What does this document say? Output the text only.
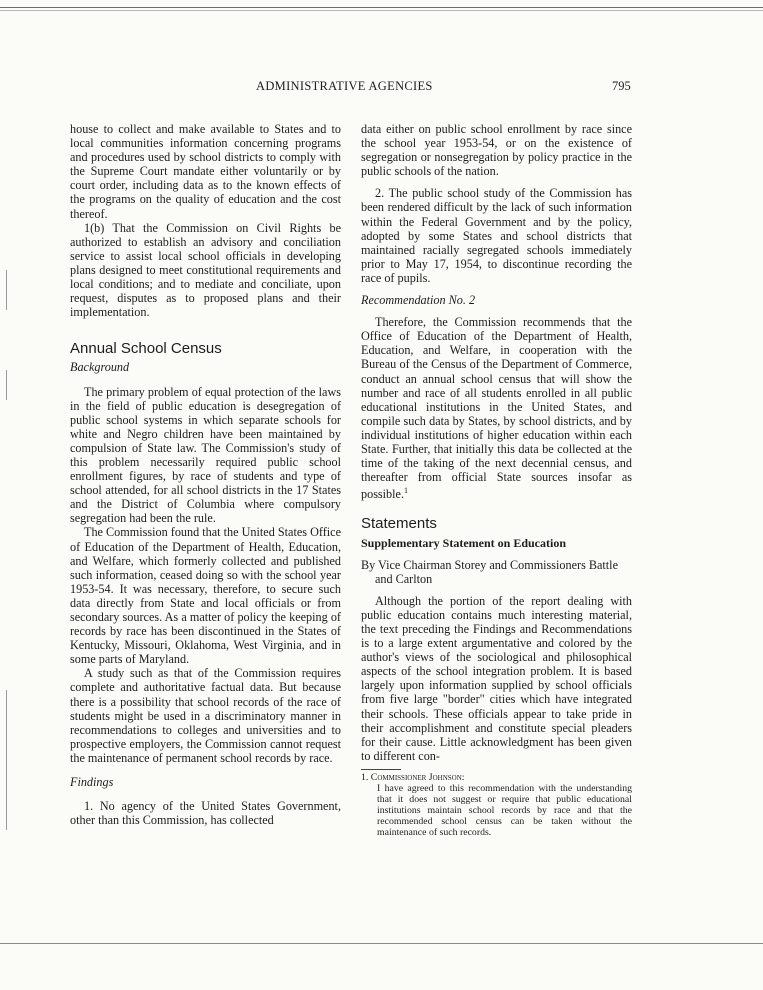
ADMINISTRATIVE AGENCIES	795

house to collect and make available to States and to local communities information concerning programs and procedures used by school districts to comply with the Supreme Court mandate either voluntarily or by court order, including data as to the known effects of the programs on the quality of education and the cost thereof.

1(b) That the Commission on Civil Rights be authorized to establish an advisory and conciliation service to assist local school officials in developing plans designed to meet constitutional requirements and local conditions; and to mediate and conciliate, upon request, disputes as to proposed plans and their implementation.

Annual School Census

Background

The primary problem of equal protection of the laws in the field of public education is desegregation of public school systems in which separate schools for white and Negro children have been maintained by compulsion of State law. The Commission's study of this problem necessarily required public school enrollment figures, by race of students and type of school attended, for all school districts in the 17 States and the District of Columbia where compulsory segregation had been the rule.

The Commission found that the United States Office of Education of the Department of Health, Education, and Welfare, which formerly collected and published such information, ceased doing so with the school year 1953-54. It was necessary, therefore, to secure such data directly from State and local officials or from secondary sources. As a matter of policy the keeping of records by race has been discontinued in the States of Kentucky, Missouri, Oklahoma, West Virginia, and in some parts of Maryland.

A study such as that of the Commission requires complete and authoritative factual data. But because there is a possibility that school records of the race of students might be used in a discriminatory manner in recommendations to colleges and universities and to prospective employers, the Commission cannot request the maintenance of permanent school records by race.

Findings

1. No agency of the United States Government, other than this Commission, has collected

data either on public school enrollment by race since the school year 1953-54, or on the existence of segregation or nonsegregation by policy practice in the public schools of the nation.

2. The public school study of the Commission has been rendered difficult by the lack of such information within the Federal Government and by the policy, adopted by some States and school districts that maintained racially segregated schools immediately prior to May 17, 1954, to discontinue recording the race of pupils.

Recommendation No. 2

Therefore, the Commission recommends that the Office of Education of the Department of Health, Education, and Welfare, in cooperation with the Bureau of the Census of the Department of Commerce, conduct an annual school census that will show the number and race of all students enrolled in all public educational institutions in the United States, and compile such data by States, by school districts, and by individual institutions of higher education within each State. Further, that initially this data be collected at the time of the taking of the next decennial census, and thereafter from official State sources insofar as possible.$^1$

Statements

Supplementary Statement on Education

By Vice Chairman Storey and Commissioners Battle and Carlton

Although the portion of the report dealing with public education contains much interesting material, the text preceding the Findings and Recommendations is to a large extent argumentative and colored by the author's views of the sociological and philosophical aspects of the school integration problem. It is based largely upon information supplied by school officials from five large "border" cities which have integrated their schools. These officials appear to take pride in their accomplishment and constitute special pleaders for their cause. Little acknowledgment has been given to different con-

1. Commissioner Johnson:

I have agreed to this recommendation with the understanding that it does not suggest or require that public educational institutions maintain school records by race and that the recommended school census can be taken without the maintenance of such records.
